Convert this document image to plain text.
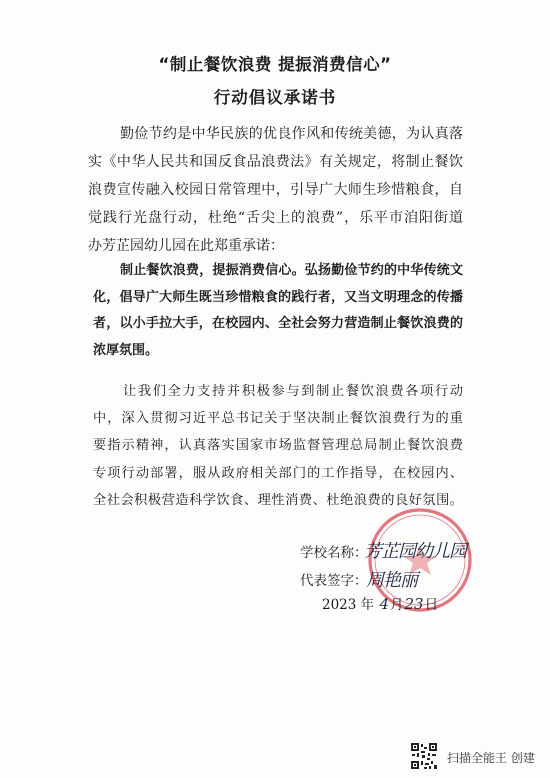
“制止餐饮浪费 提振消费信心”
行动倡议承诺书
勤俭节约是中华民族的优良作风和传统美德，为认真落
实《中华人民共和国反食品浪费法》有关规定，将制止餐饮
浪费宣传融入校园日常管理中，引导广大师生珍惜粮食，自
觉践行光盘行动，杜绝“舌尖上的浪费”，乐平市洎阳街道
办芳芷园幼儿园在此郑重承诺：
制止餐饮浪费，提振消费信心。弘扬勤俭节约的中华传统文
化，倡导广大师生既当珍惜粮食的践行者，又当文明理念的传播
者，以小手拉大手，在校园内、全社会努力营造制止餐饮浪费的
浓厚氛围。
让我们全力支持并积极参与到制止餐饮浪费各项行动
中，深入贯彻习近平总书记关于坚决制止餐饮浪费行为的重
要指示精神，认真落实国家市场监督管理总局制止餐饮浪费
专项行动部署，服从政府相关部门的工作指导，在校园内、
全社会积极营造科学饮食、理性消费、杜绝浪费的良好氛围。
学校名称：
芳芷园幼儿园
代表签字：
周艳丽
2023 年 4月23日
扫描全能王 创建
